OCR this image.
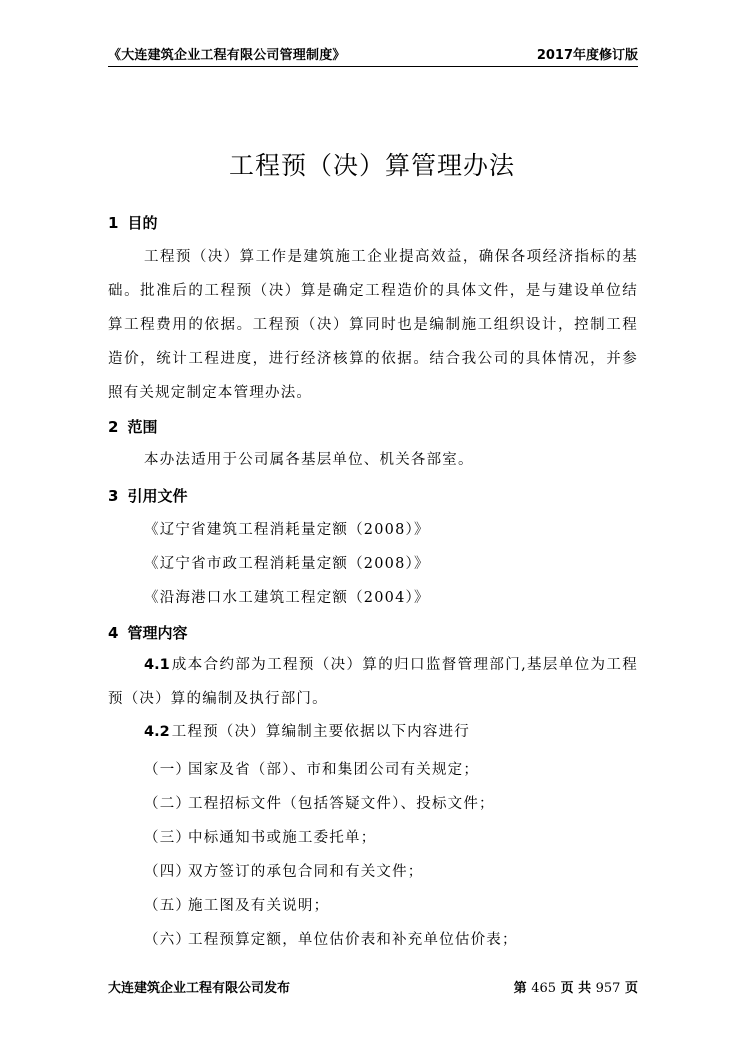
《大连建筑企业工程有限公司管理制度》	2017年度修订版
工程预（决）算管理办法
1 目的
工程预（决）算工作是建筑施工企业提高效益，确保各项经济指标的基础。批准后的工程预（决）算是确定工程造价的具体文件，是与建设单位结算工程费用的依据。工程预（决）算同时也是编制施工组织设计，控制工程造价，统计工程进度，进行经济核算的依据。结合我公司的具体情况，并参照有关规定制定本管理办法。
2 范围
本办法适用于公司属各基层单位、机关各部室。
3 引用文件
《辽宁省建筑工程消耗量定额（2008）》
《辽宁省市政工程消耗量定额（2008）》
《沿海港口水工建筑工程定额（2004）》
4 管理内容
4.1 成本合约部为工程预（决）算的归口监督管理部门,基层单位为工程预（决）算的编制及执行部门。
4.2 工程预（决）算编制主要依据以下内容进行
（一）国家及省（部）、市和集团公司有关规定；
（二）工程招标文件（包括答疑文件）、投标文件；
（三）中标通知书或施工委托单；
（四）双方签订的承包合同和有关文件；
（五）施工图及有关说明；
（六）工程预算定额，单位估价表和补充单位估价表；
大连建筑企业工程有限公司发布	第 465 页 共 957 页
